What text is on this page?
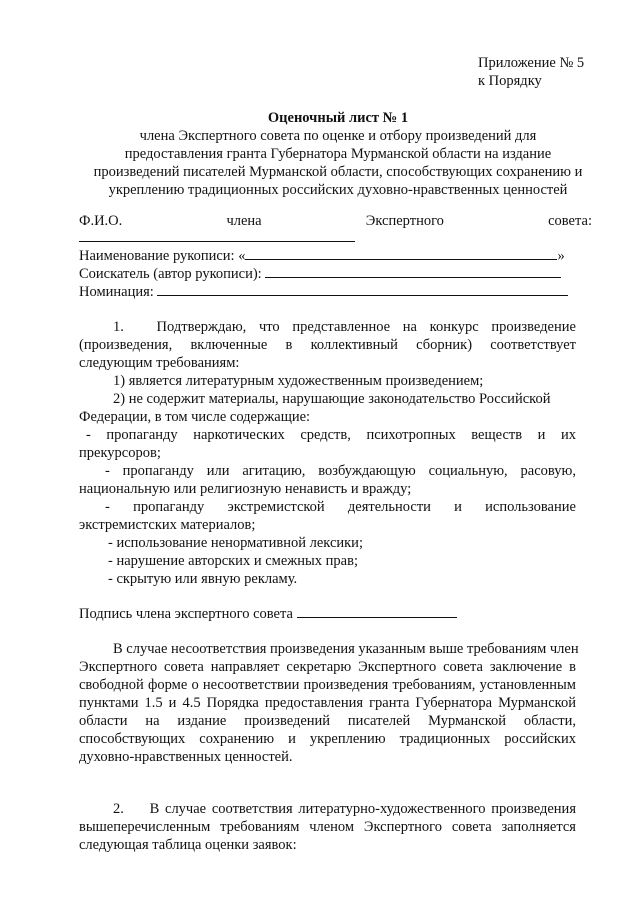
Приложение № 5
к Порядку
Оценочный лист № 1
члена Экспертного совета по оценке и отбору произведений для
предоставления гранта Губернатора Мурманской области на издание
произведений писателей Мурманской области, способствующих сохранению и
укреплению традиционных российских духовно-нравственных ценностей
Ф.И.О.	члена	Экспертного	совета:
Наименование рукописи: «	»
Соискатель (автор рукописи):
Номинация:
1. Подтверждаю, что представленное на конкурс произведение
(произведения, включенные в коллективный сборник) соответствует
следующим требованиям:
1) является литературным художественным произведением;
2) не содержит материалы, нарушающие законодательство Российской
Федерации, в том числе содержащие:
- пропаганду наркотических средств, психотропных веществ и их
прекурсоров;
- пропаганду или агитацию, возбуждающую социальную, расовую,
национальную или религиозную ненависть и вражду;
- пропаганду экстремистской деятельности и использование
экстремистских материалов;
- использование ненормативной лексики;
- нарушение авторских и смежных прав;
- скрытую или явную рекламу.
Подпись члена экспертного совета
В случае несоответствия произведения указанным выше требованиям член
Экспертного совета направляет секретарю Экспертного совета заключение в
свободной форме о несоответствии произведения требованиям, установленным
пунктами 1.5 и 4.5 Порядка предоставления гранта Губернатора Мурманской
области на издание произведений писателей Мурманской области,
способствующих сохранению и укреплению традиционных российских
духовно-нравственных ценностей.
2. В случае соответствия литературно-художественного произведения
вышеперечисленным требованиям членом Экспертного совета заполняется
следующая таблица оценки заявок:
